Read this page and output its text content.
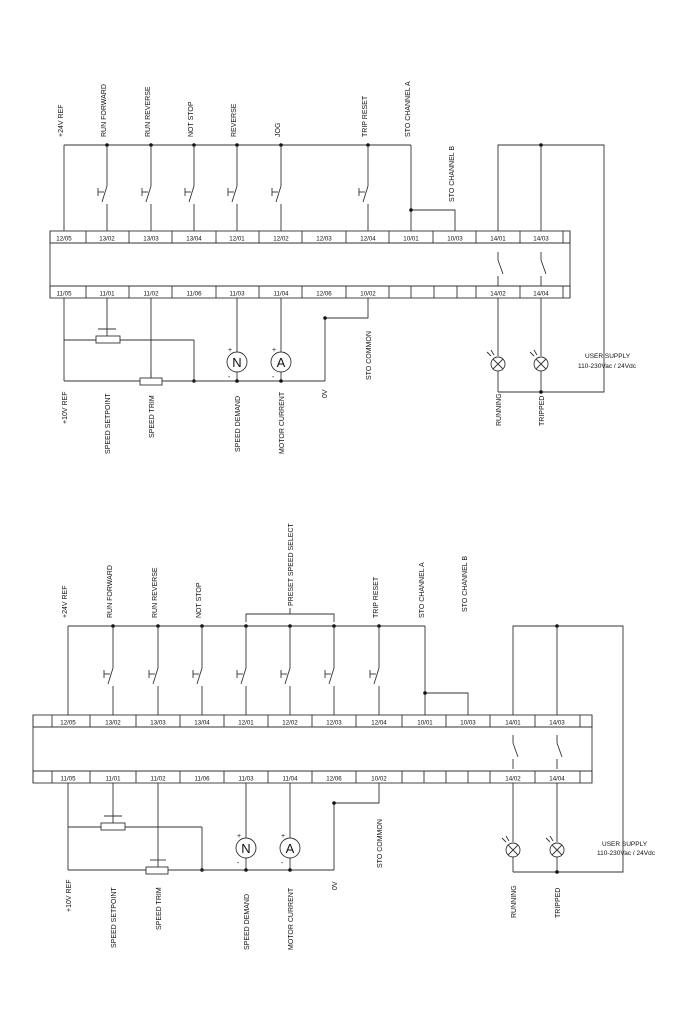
12/05	13/02	13/03	13/04	12/01	12/02	12/03	12/04	10/01	10/03	14/01	14/03
11/05	11/01	11/02	11/06	11/03	11/04	12/06	10/02	14/02	14/04
+24V REF	RUN FORWARD	RUN REVERSE	NOT STOP	REVERSE	JOG	TRIP RESET	STO CHANNEL A
STO CHANNEL B
USER SUPPLY
110-230Vac / 24Vdc
N
+
-
A
+
-
+10V REF	SPEED SETPOINT	SPEED TRIM	SPEED DEMAND	MOTOR CURRENT	0V
STO COMMON
RUNNING	TRIPPED
12/05	13/02	13/03	13/04	12/01	12/02	12/03	12/04	10/01	10/03	14/01	14/03
11/05	11/01	11/02	11/06	11/03	11/04	12/06	10/02	14/02	14/04
PRESET SPEED SELECT
+24V REF	RUN FORWARD	RUN REVERSE	NOT STOP	TRIP RESET	STO CHANNEL A	STO CHANNEL B
USER SUPPLY
110-230Vac / 24Vdc
N
+
-
A
+
-
+10V REF	SPEED SETPOINT	SPEED TRIM	SPEED DEMAND	MOTOR CURRENT
0V
STO COMMON
RUNNING	TRIPPED
